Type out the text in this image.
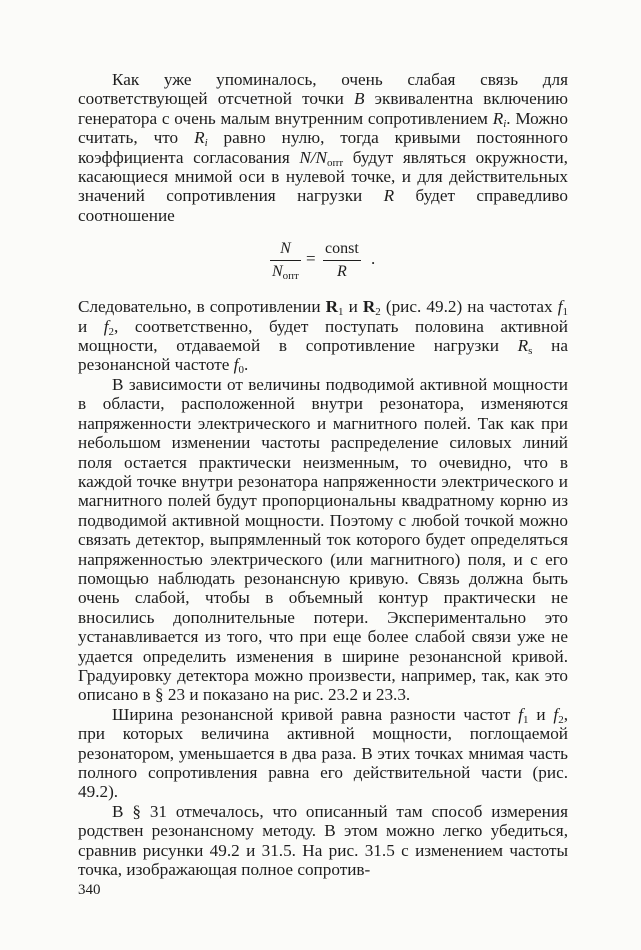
Как уже упоминалось, очень слабая связь для соответствующей отсчетной точки B эквивалентна включению генератора с очень малым внутренним сопротивлением $R_i$. Можно считать, что $R_i$ равно нулю, тогда кривыми постоянного коэффициента согласования $N/N_{опт}$ будут являться окружности, касающиеся мнимой оси в нулевой точке, и для действительных значений сопротивления нагрузки R будет справедливо соотношение

N
$N_{опт}$
=
const
R
.

Следовательно, в сопротивлении $R_1$ и $R_2$ (рис. 49.2) на частотах $f_1$ и $f_2$, соответственно, будет поступать половина активной мощности, отдаваемой в сопротивление нагрузки $R_s$ на резонансной частоте $f_0$.

В зависимости от величины подводимой активной мощности в области, расположенной внутри резонатора, изменяются напряженности электрического и магнитного полей. Так как при небольшом изменении частоты распределение силовых линий поля остается практически неизменным, то очевидно, что в каждой точке внутри резонатора напряженности электрического и магнитного полей будут пропорциональны квадратному корню из подводимой активной мощности. Поэтому с любой точкой можно связать детектор, выпрямленный ток которого будет определяться напряженностью электрического (или магнитного) поля, и с его помощью наблюдать резонансную кривую. Связь должна быть очень слабой, чтобы в объемный контур практически не вносились дополнительные потери. Экспериментально это устанавливается из того, что при еще более слабой связи уже не удается определить изменения в ширине резонансной кривой. Градуировку детектора можно произвести, например, так, как это описано в § 23 и показано на рис. 23.2 и 23.3.

Ширина резонансной кривой равна разности частот $f_1$ и $f_2$, при которых величина активной мощности, поглощаемой резонатором, уменьшается в два раза. В этих точках мнимая часть полного сопротивления равна его действительной части (рис. 49.2).

В § 31 отмечалось, что описанный там способ измерения родствен резонансному методу. В этом можно легко убедиться, сравнив рисунки 49.2 и 31.5. На рис. 31.5 с изменением частоты точка, изображающая полное сопротив-

340
